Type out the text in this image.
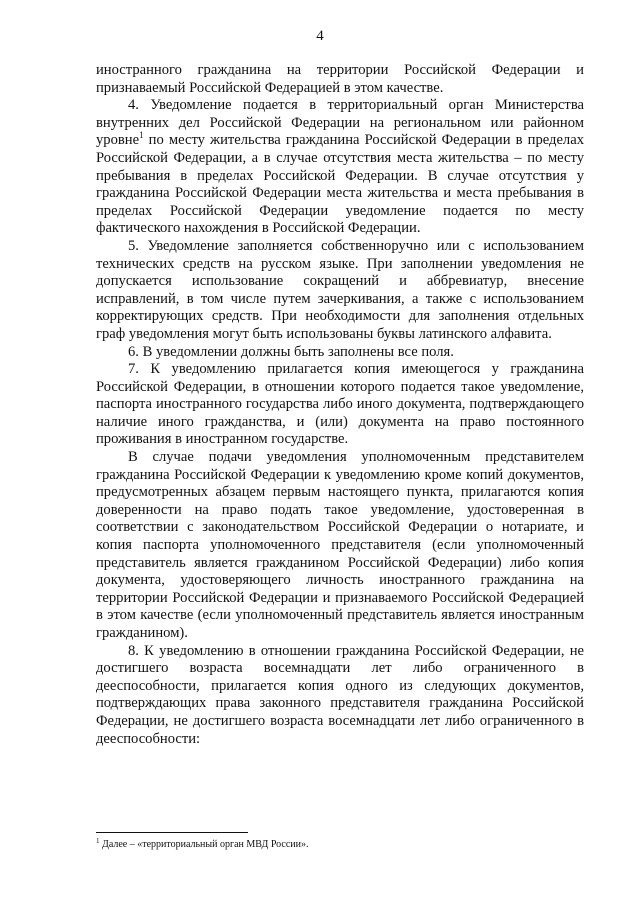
4

иностранного гражданина на территории Российской Федерации и признаваемый Российской Федерацией в этом качестве.

4. Уведомление подается в территориальный орган Министерства внутренних дел Российской Федерации на региональном или районном уровне$^1$ по месту жительства гражданина Российской Федерации в пределах Российской Федерации, а в случае отсутствия места жительства – по месту пребывания в пределах Российской Федерации. В случае отсутствия у гражданина Российской Федерации места жительства и места пребывания в пределах Российской Федерации уведомление подается по месту фактического нахождения в Российской Федерации.

5. Уведомление заполняется собственноручно или с использованием технических средств на русском языке. При заполнении уведомления не допускается использование сокращений и аббревиатур, внесение исправлений, в том числе путем зачеркивания, а также с использованием корректирующих средств. При необходимости для заполнения отдельных граф уведомления могут быть использованы буквы латинского алфавита.

6. В уведомлении должны быть заполнены все поля.

7. К уведомлению прилагается копия имеющегося у гражданина Российской Федерации, в отношении которого подается такое уведомление, паспорта иностранного государства либо иного документа, подтверждающего наличие иного гражданства, и (или) документа на право постоянного проживания в иностранном государстве.

В случае подачи уведомления уполномоченным представителем гражданина Российской Федерации к уведомлению кроме копий документов, предусмотренных абзацем первым настоящего пункта, прилагаются копия доверенности на право подать такое уведомление, удостоверенная в соответствии с законодательством Российской Федерации о нотариате, и копия паспорта уполномоченного представителя (если уполномоченный представитель является гражданином Российской Федерации) либо копия документа, удостоверяющего личность иностранного гражданина на территории Российской Федерации и признаваемого Российской Федерацией в этом качестве (если уполномоченный представитель является иностранным гражданином).

8. К уведомлению в отношении гражданина Российской Федерации, не достигшего возраста восемнадцати лет либо ограниченного в дееспособности, прилагается копия одного из следующих документов, подтверждающих права законного представителя гражданина Российской Федерации, не достигшего возраста восемнадцати лет либо ограниченного в дееспособности:

$^1$ Далее – «территориальный орган МВД России».
